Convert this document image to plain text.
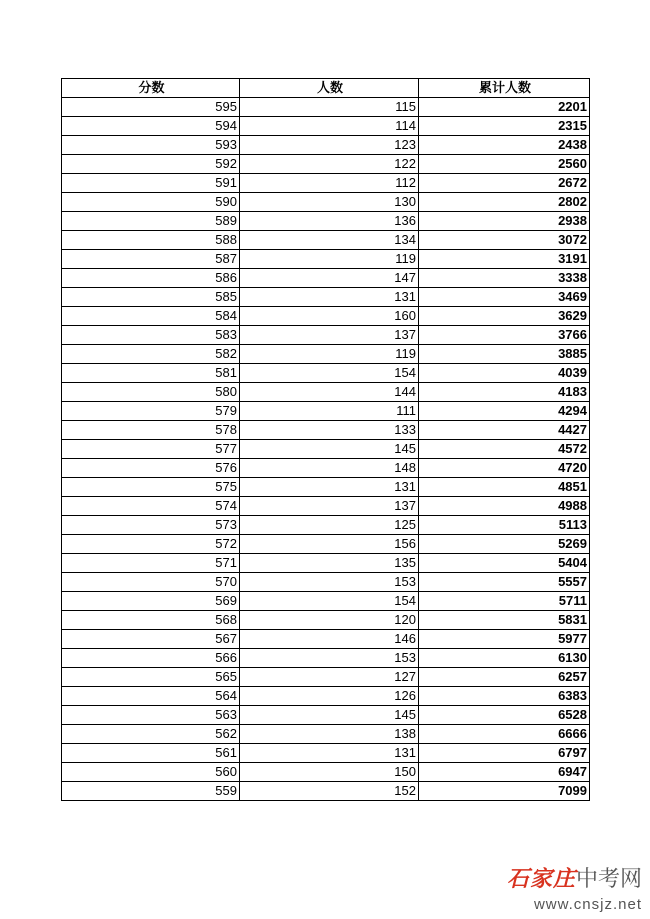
分数	人数	累计人数
595	115	2201
594	114	2315
593	123	2438
592	122	2560
591	112	2672
590	130	2802
589	136	2938
588	134	3072
587	119	3191
586	147	3338
585	131	3469
584	160	3629
583	137	3766
582	119	3885
581	154	4039
580	144	4183
579	111	4294
578	133	4427
577	145	4572
576	148	4720
575	131	4851
574	137	4988
573	125	5113
572	156	5269
571	135	5404
570	153	5557
569	154	5711
568	120	5831
567	146	5977
566	153	6130
565	127	6257
564	126	6383
563	145	6528
562	138	6666
561	131	6797
560	150	6947
559	152	7099
石家庄 中考网
www.cnsjz.net
